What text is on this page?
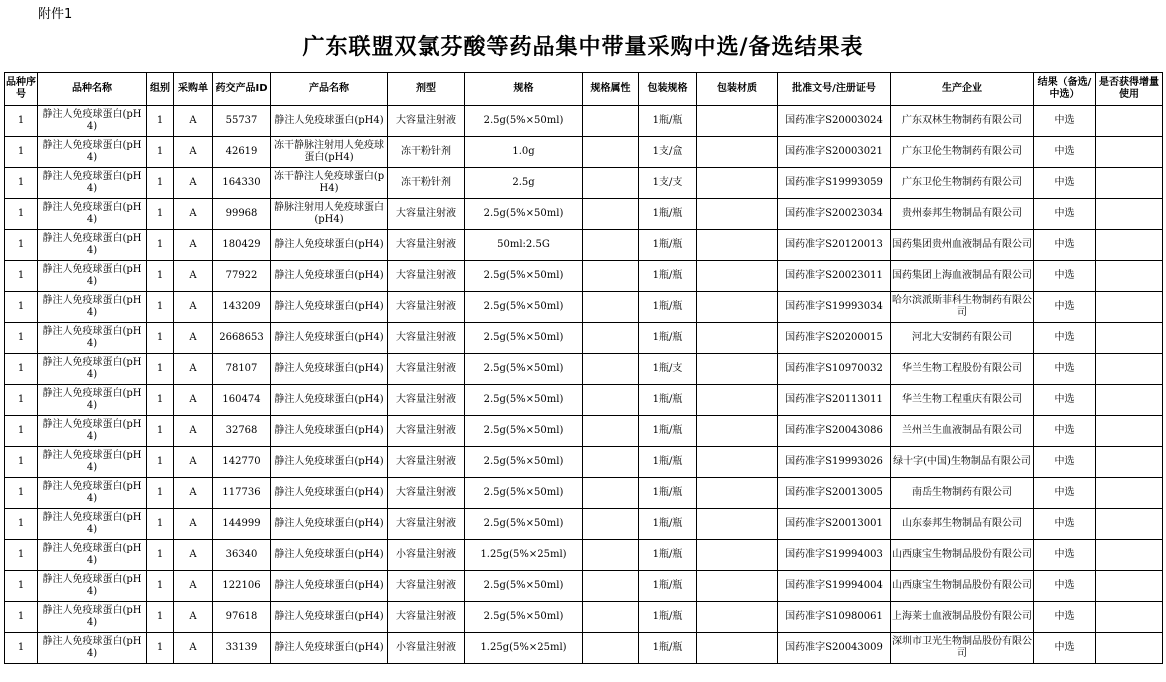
附件1
广东联盟双氯芬酸等药品集中带量采购中选/备选结果表
品种序号	品种名称	组别	采购单	药交产品ID	产品名称	剂型	规格	规格属性	包装规格	包装材质	批准文号/注册证号	生产企业	结果（备选/中选）	是否获得增量使用
1	静注人免疫球蛋白(pH4)	1	A	55737	静注人免疫球蛋白(pH4)	大容量注射液	2.5g(5%×50ml)		1瓶/瓶		国药准字S20003024	广东双林生物制药有限公司	中选	
1	静注人免疫球蛋白(pH4)	1	A	42619	冻干静脉注射用人免疫球蛋白(pH4)	冻干粉针剂	1.0g		1支/盒		国药准字S20003021	广东卫伦生物制药有限公司	中选	
1	静注人免疫球蛋白(pH4)	1	A	164330	冻干静注人免疫球蛋白(pH4)	冻干粉针剂	2.5g		1支/支		国药准字S19993059	广东卫伦生物制药有限公司	中选	
1	静注人免疫球蛋白(pH4)	1	A	99968	静脉注射用人免疫球蛋白(pH4)	大容量注射液	2.5g(5%×50ml)		1瓶/瓶		国药准字S20023034	贵州泰邦生物制品有限公司	中选	
1	静注人免疫球蛋白(pH4)	1	A	180429	静注人免疫球蛋白(pH4)	大容量注射液	50ml:2.5G		1瓶/瓶		国药准字S20120013	国药集团贵州血液制品有限公司	中选	
1	静注人免疫球蛋白(pH4)	1	A	77922	静注人免疫球蛋白(pH4)	大容量注射液	2.5g(5%×50ml)		1瓶/瓶		国药准字S20023011	国药集团上海血液制品有限公司	中选	
1	静注人免疫球蛋白(pH4)	1	A	143209	静注人免疫球蛋白(pH4)	大容量注射液	2.5g(5%×50ml)		1瓶/瓶		国药准字S19993034	哈尔滨派斯菲科生物制药有限公司	中选	
1	静注人免疫球蛋白(pH4)	1	A	2668653	静注人免疫球蛋白(pH4)	大容量注射液	2.5g(5%×50ml)		1瓶/瓶		国药准字S20200015	河北大安制药有限公司	中选	
1	静注人免疫球蛋白(pH4)	1	A	78107	静注人免疫球蛋白(pH4)	大容量注射液	2.5g(5%×50ml)		1瓶/支		国药准字S10970032	华兰生物工程股份有限公司	中选	
1	静注人免疫球蛋白(pH4)	1	A	160474	静注人免疫球蛋白(pH4)	大容量注射液	2.5g(5%×50ml)		1瓶/瓶		国药准字S20113011	华兰生物工程重庆有限公司	中选	
1	静注人免疫球蛋白(pH4)	1	A	32768	静注人免疫球蛋白(pH4)	大容量注射液	2.5g(5%×50ml)		1瓶/瓶		国药准字S20043086	兰州兰生血液制品有限公司	中选	
1	静注人免疫球蛋白(pH4)	1	A	142770	静注人免疫球蛋白(pH4)	大容量注射液	2.5g(5%×50ml)		1瓶/瓶		国药准字S19993026	绿十字(中国)生物制品有限公司	中选	
1	静注人免疫球蛋白(pH4)	1	A	117736	静注人免疫球蛋白(pH4)	大容量注射液	2.5g(5%×50ml)		1瓶/瓶		国药准字S20013005	南岳生物制药有限公司	中选	
1	静注人免疫球蛋白(pH4)	1	A	144999	静注人免疫球蛋白(pH4)	大容量注射液	2.5g(5%×50ml)		1瓶/瓶		国药准字S20013001	山东泰邦生物制品有限公司	中选	
1	静注人免疫球蛋白(pH4)	1	A	36340	静注人免疫球蛋白(pH4)	小容量注射液	1.25g(5%×25ml)		1瓶/瓶		国药准字S19994003	山西康宝生物制品股份有限公司	中选	
1	静注人免疫球蛋白(pH4)	1	A	122106	静注人免疫球蛋白(pH4)	大容量注射液	2.5g(5%×50ml)		1瓶/瓶		国药准字S19994004	山西康宝生物制品股份有限公司	中选	
1	静注人免疫球蛋白(pH4)	1	A	97618	静注人免疫球蛋白(pH4)	大容量注射液	2.5g(5%×50ml)		1瓶/瓶		国药准字S10980061	上海莱士血液制品股份有限公司	中选	
1	静注人免疫球蛋白(pH4)	1	A	33139	静注人免疫球蛋白(pH4)	小容量注射液	1.25g(5%×25ml)		1瓶/瓶		国药准字S20043009	深圳市卫光生物制品股份有限公司	中选	
